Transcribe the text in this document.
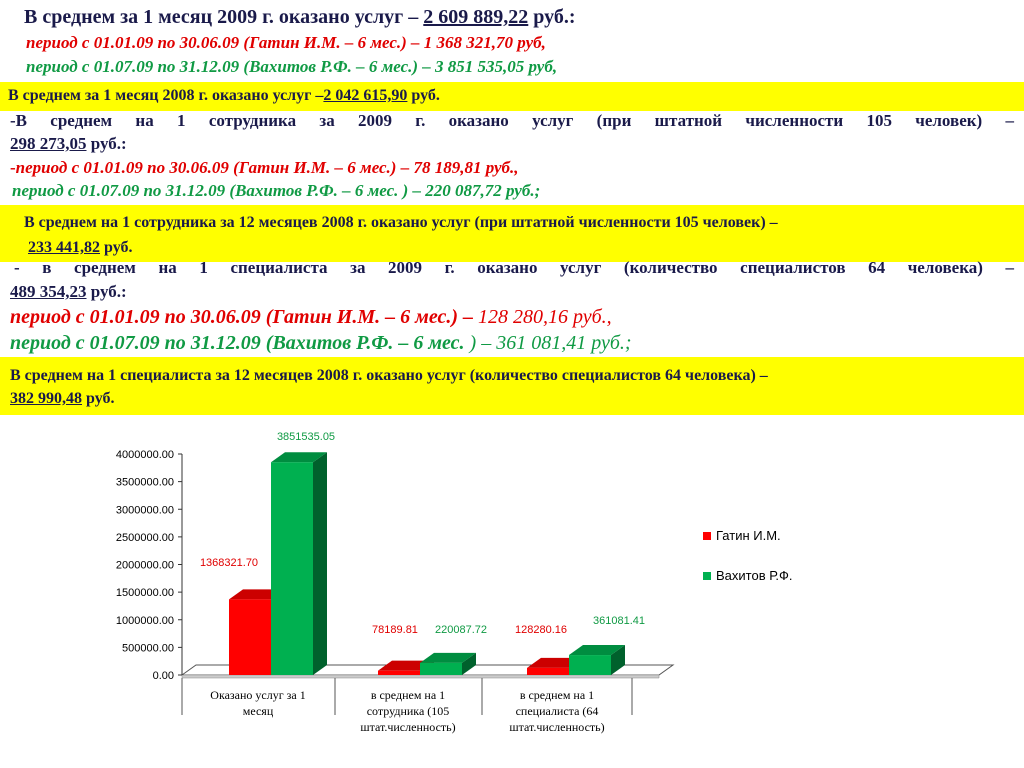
В среднем за 1 месяц 2009 г. оказано услуг – 2 609 889,22 руб.:
период с 01.01.09 по 30.06.09 (Гатин И.М. – 6 мес.) – 1 368 321,70 руб,
период с 01.07.09 по 31.12.09 (Вахитов Р.Ф. – 6 мес.) – 3 851 535,05 руб,
В среднем за 1 месяц 2008 г. оказано услуг –2 042 615,90 руб.
-В среднем на 1 сотрудника за 2009 г. оказано услуг (при штатной численности 105 человек) –
298 273,05 руб.:
-период с 01.01.09 по 30.06.09 (Гатин И.М. – 6 мес.) – 78 189,81 руб.,
период с 01.07.09 по 31.12.09 (Вахитов Р.Ф. – 6 мес. ) – 220 087,72 руб.;
В среднем на 1 сотрудника за 12 месяцев 2008 г. оказано услуг (при штатной численности 105 человек) –
233 441,82 руб.
- в среднем на 1 специалиста за 2009 г. оказано услуг (количество специалистов 64 человека) –
489 354,23 руб.:
период с 01.01.09 по 30.06.09 (Гатин И.М. – 6 мес.) – 128 280,16 руб.,
период с 01.07.09 по 31.12.09 (Вахитов Р.Ф. – 6 мес. ) – 361 081,41 руб.;
В среднем на 1 специалиста за 12 месяцев 2008 г. оказано услуг (количество специалистов 64 человека) –
382 990,48 руб.
0.00
500000.00
1000000.00
1500000.00
2000000.00
2500000.00
3000000.00
3500000.00
4000000.00
1368321.70
78189.81	128280.16
3851535.05
220087.72
361081.41
Оказано услуг за 1
месяц
в среднем на 1
сотрудника (105
штат.численность)
в среднем на 1
специалиста (64
штат.численность)
Гатин И.М.
Вахитов Р.Ф.
